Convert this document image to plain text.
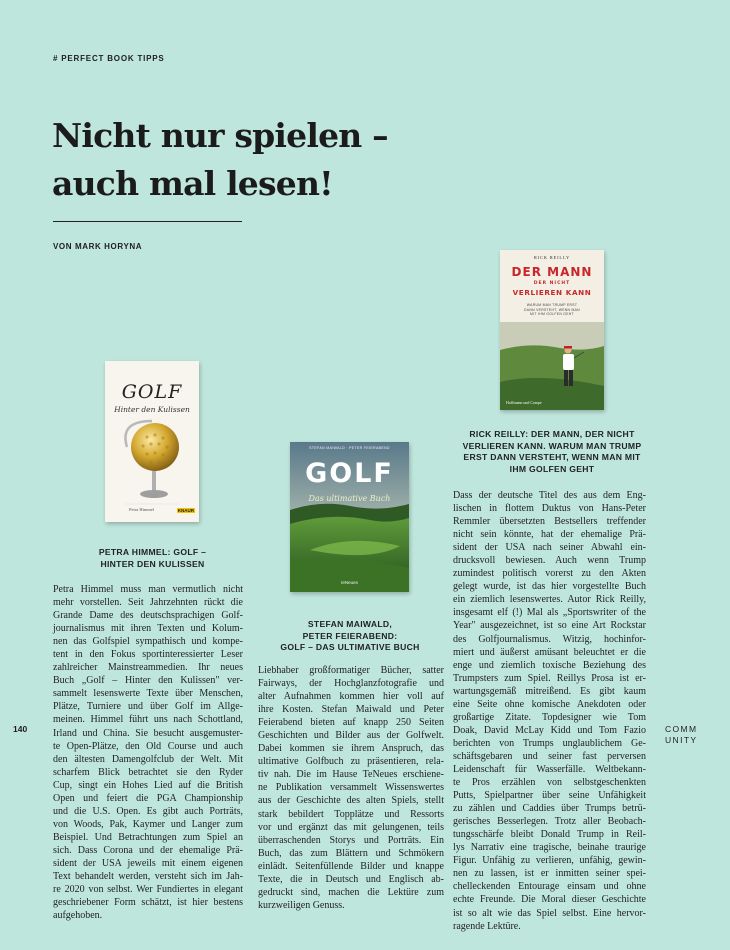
# PERFECT BOOK TIPPS
Nicht nur spielen –
auch mal lesen!
VON MARK HORYNA
GOLF
Hinter den Kulissen
Petra Himmel	KNAUR
STEFAN MAIWALD · PETER FEIERABEND
GOLF
Das ultimative Buch
teNeues
RICK REILLY
DER MANN
DER NICHT
VERLIEREN KANN
WARUM MAN TRUMP ERST
DANN VERSTEHT, WENN MAN
MIT IHM GOLFEN GEHT
Hoffmann und Campe
PETRA HIMMEL: GOLF –
HINTER DEN KULISSEN
STEFAN MAIWALD,
PETER FEIERABEND:
GOLF – DAS ULTIMATIVE BUCH
RICK REILLY: DER MANN, DER NICHT
VERLIEREN KANN. WARUM MAN TRUMP
ERST DANN VERSTEHT, WENN MAN MIT
IHM GOLFEN GEHT
Petra Himmel muss man vermutlich nicht
mehr vorstellen. Seit Jahrzehnten rückt die
Grande Dame des deutschsprachigen Golf-
journalismus mit ihren Texten und Kolum-
nen das Golfspiel sympathisch und kompe-
tent in den Fokus sportinteressierter Leser
zahlreicher Mainstreammedien. Ihr neues
Buch „Golf – Hinter den Kulissen" ver-
sammelt lesenswerte Texte über Menschen,
Plätze, Turniere und über Golf im Allge-
meinen. Himmel führt uns nach Schottland,
Irland und China. Sie besucht ausgemuster-
te Open-Plätze, den Old Course und auch
den ältesten Damengolfclub der Welt. Mit
scharfem Blick betrachtet sie den Ryder
Cup, singt ein Hohes Lied auf die British
Open und feiert die PGA Championship
und die U.S. Open. Es gibt auch Porträts,
von Woods, Pak, Kaymer und Langer zum
Beispiel. Und Betrachtungen zum Spiel an
sich. Dass Corona und der ehemalige Prä-
sident der USA jeweils mit einem eigenen
Text behandelt werden, versteht sich im Jah-
re 2020 von selbst. Wer Fundiertes in elegant
geschriebener Form schätzt, ist hier bestens
aufgehoben.
Liebhaber großformatiger Bücher, satter
Fairways, der Hochglanzfotografie und
alter Aufnahmen kommen hier voll auf
ihre Kosten. Stefan Maiwald und Peter
Feierabend bieten auf knapp 250 Seiten
Geschichten und Bilder aus der Golfwelt.
Dabei kommen sie ihrem Anspruch, das
ultimative Golfbuch zu präsentieren, rela-
tiv nah. Die im Hause TeNeues erschiene-
ne Publikation versammelt Wissenswertes
aus der Geschichte des alten Spiels, stellt
stark bebildert Topplätze und Ressorts
vor und ergänzt das mit gelungenen, teils
überraschenden Storys und Porträts. Ein
Buch, das zum Blättern und Schmökern
einlädt. Seitenfüllende Bilder und knappe
Texte, die in Deutsch und Englisch ab-
gedruckt sind, machen die Lektüre zum
kurzweiligen Genuss.
Dass der deutsche Titel des aus dem Eng-
lischen in flottem Duktus von Hans-Peter
Remmler übersetzten Bestsellers treffender
nicht sein könnte, hat der ehemalige Prä-
sident der USA nach seiner Abwahl ein-
drucksvoll bewiesen. Auch wenn Trump
zumindest politisch vorerst zu den Akten
gelegt wurde, ist das hier vorgestellte Buch
ein ziemlich lesenswertes. Autor Rick Reilly,
insgesamt elf (!) Mal als „Sportswriter of the
Year" ausgezeichnet, ist so eine Art Rockstar
des Golfjournalismus. Witzig, hochinfor-
miert und äußerst amüsant beleuchtet er die
enge und ziemlich toxische Beziehung des
Trumpsters zum Spiel. Reillys Prosa ist er-
wartungsgemäß mitreißend. Es gibt kaum
eine Seite ohne komische Anekdoten oder
großartige Zitate. Topdesigner wie Tom
Doak, David McLay Kidd und Tom Fazio
berichten von Trumps unglaublichem Ge-
schäftsgebaren und seiner fast perversen
Leidenschaft für Wasserfälle. Weltbekann-
te Pros erzählen von selbstgeschenkten
Putts, Spielpartner über seine Unfähigkeit
zu zählen und Caddies über Trumps betrü-
gerisches Besserlegen. Trotz aller Beobach-
tungsschärfe bleibt Donald Trump in Reil-
lys Narrativ eine tragische, beinahe traurige
Figur. Unfähig zu verlieren, unfähig, gewin-
nen zu lassen, ist er inmitten seiner spei-
chelleckenden Entourage einsam und ohne
echte Freunde. Die Moral dieser Geschichte
ist so alt wie das Spiel selbst. Eine hervor-
ragende Lektüre.
140	COMM
UNITY
